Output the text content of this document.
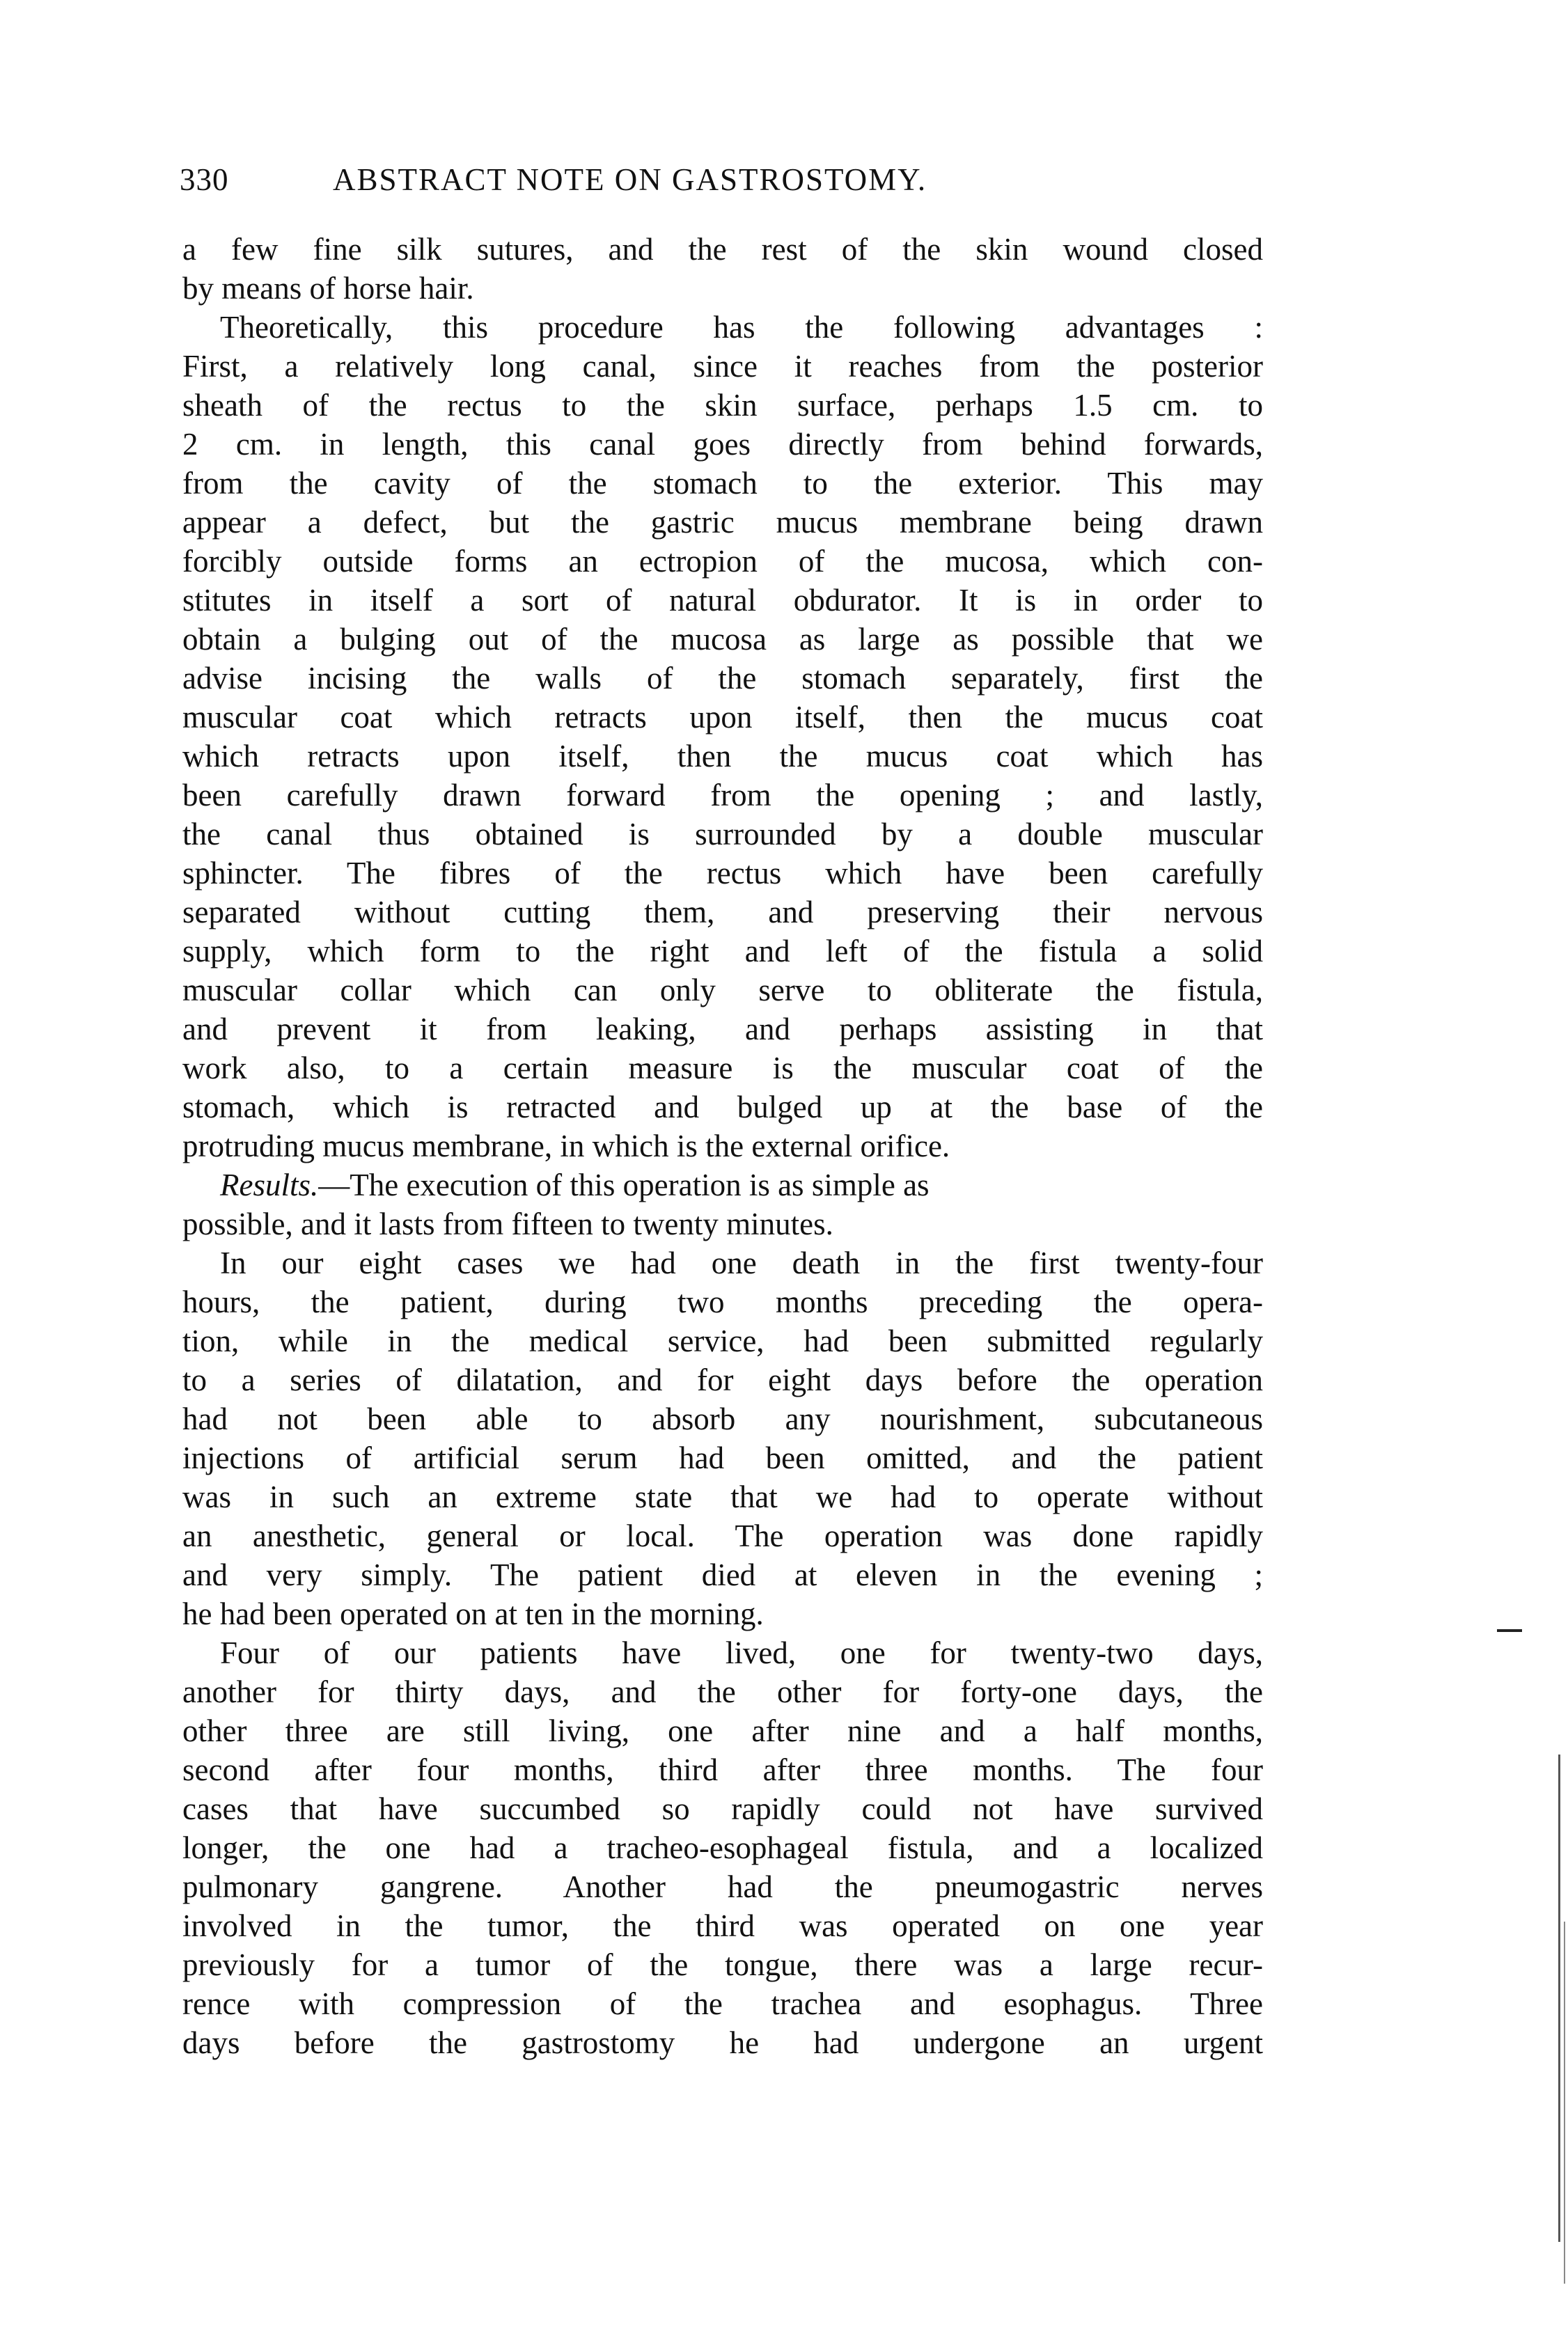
330	ABSTRACT NOTE ON GASTROSTOMY.
a few fine silk sutures, and the rest of the skin wound closed
by means of horse hair.
Theoretically, this procedure has the following advantages :
First, a relatively long canal, since it reaches from the posterior
sheath of the rectus to the skin surface, perhaps 1.5 cm. to
2 cm. in length, this canal goes directly from behind forwards,
from the cavity of the stomach to the exterior. This may
appear a defect, but the gastric mucus membrane being drawn
forcibly outside forms an ectropion of the mucosa, which con-
stitutes in itself a sort of natural obdurator. It is in order to
obtain a bulging out of the mucosa as large as possible that we
advise incising the walls of the stomach separately, first the
muscular coat which retracts upon itself, then the mucus coat
which retracts upon itself, then the mucus coat which has
been carefully drawn forward from the opening ; and lastly,
the canal thus obtained is surrounded by a double muscular
sphincter. The fibres of the rectus which have been carefully
separated without cutting them, and preserving their nervous
supply, which form to the right and left of the fistula a solid
muscular collar which can only serve to obliterate the fistula,
and prevent it from leaking, and perhaps assisting in that
work also, to a certain measure is the muscular coat of the
stomach, which is retracted and bulged up at the base of the
protruding mucus membrane, in which is the external orifice.
Results.—The execution of this operation is as simple as
possible, and it lasts from fifteen to twenty minutes.
In our eight cases we had one death in the first twenty-four
hours, the patient, during two months preceding the opera-
tion, while in the medical service, had been submitted regularly
to a series of dilatation, and for eight days before the operation
had not been able to absorb any nourishment, subcutaneous
injections of artificial serum had been omitted, and the patient
was in such an extreme state that we had to operate without
an anesthetic, general or local. The operation was done rapidly
and very simply. The patient died at eleven in the evening ;
he had been operated on at ten in the morning.
Four of our patients have lived, one for twenty-two days,
another for thirty days, and the other for forty-one days, the
other three are still living, one after nine and a half months,
second after four months, third after three months. The four
cases that have succumbed so rapidly could not have survived
longer, the one had a tracheo-esophageal fistula, and a localized
pulmonary gangrene. Another had the pneumogastric nerves
involved in the tumor, the third was operated on one year
previously for a tumor of the tongue, there was a large recur-
rence with compression of the trachea and esophagus. Three
days before the gastrostomy he had undergone an urgent
